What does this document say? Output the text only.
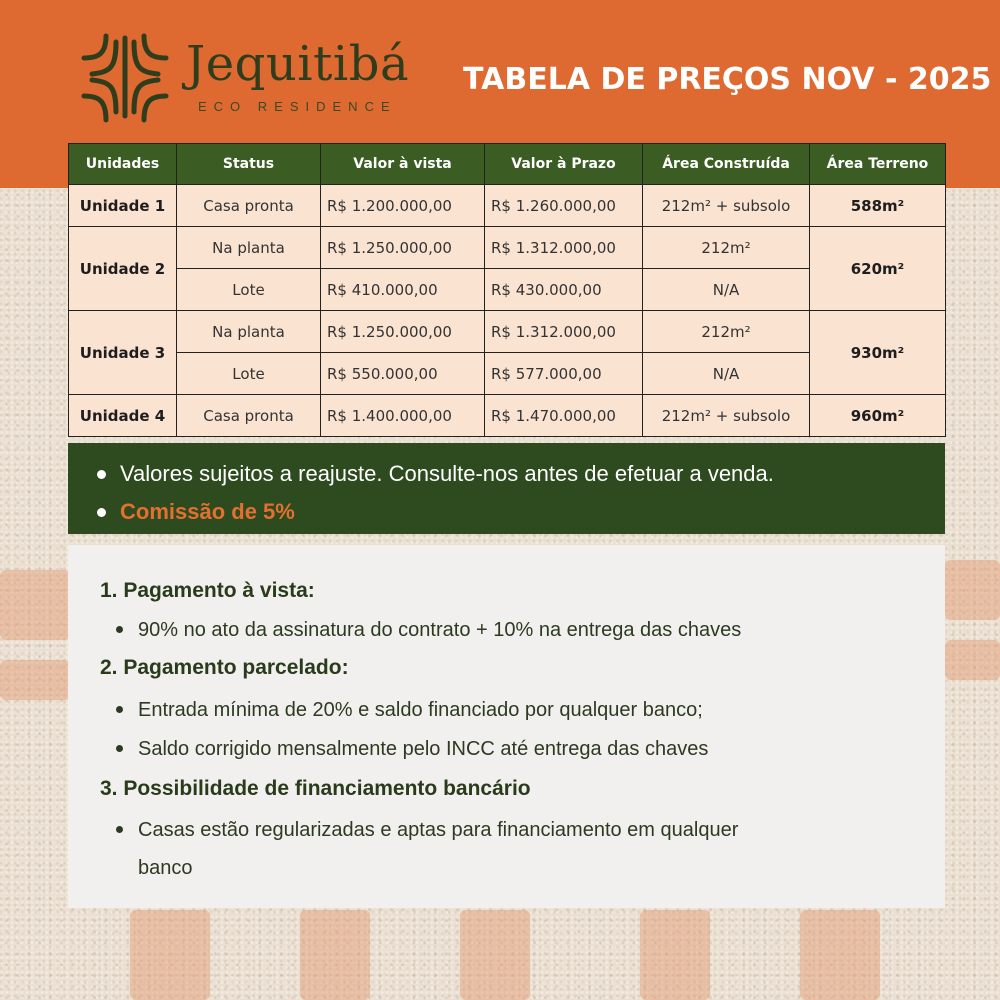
Jequitibá
ECO RESIDENCE
TABELA DE PREÇOS NOV - 2025
Unidades	Status	Valor à vista	Valor à Prazo	Área Construída	Área Terreno
Unidade 1	Casa pronta	R$ 1.200.000,00	R$ 1.260.000,00	212m² + subsolo	588m²
Unidade 2	Na planta	R$ 1.250.000,00	R$ 1.312.000,00	212m²	620m²
	Lote	R$ 410.000,00	R$ 430.000,00	N/A	
Unidade 3	Na planta	R$ 1.250.000,00	R$ 1.312.000,00	212m²	930m²
	Lote	R$ 550.000,00	R$ 577.000,00	N/A	
Unidade 4	Casa pronta	R$ 1.400.000,00	R$ 1.470.000,00	212m² + subsolo	960m²
Valores sujeitos a reajuste. Consulte-nos antes de efetuar a venda.
Comissão de 5%
1. Pagamento à vista:
90% no ato da assinatura do contrato + 10% na entrega das chaves
2. Pagamento parcelado:
Entrada mínima de 20% e saldo financiado por qualquer banco;
Saldo corrigido mensalmente pelo INCC até entrega das chaves
3. Possibilidade de financiamento bancário
Casas estão regularizadas e aptas para financiamento em qualquer
banco
